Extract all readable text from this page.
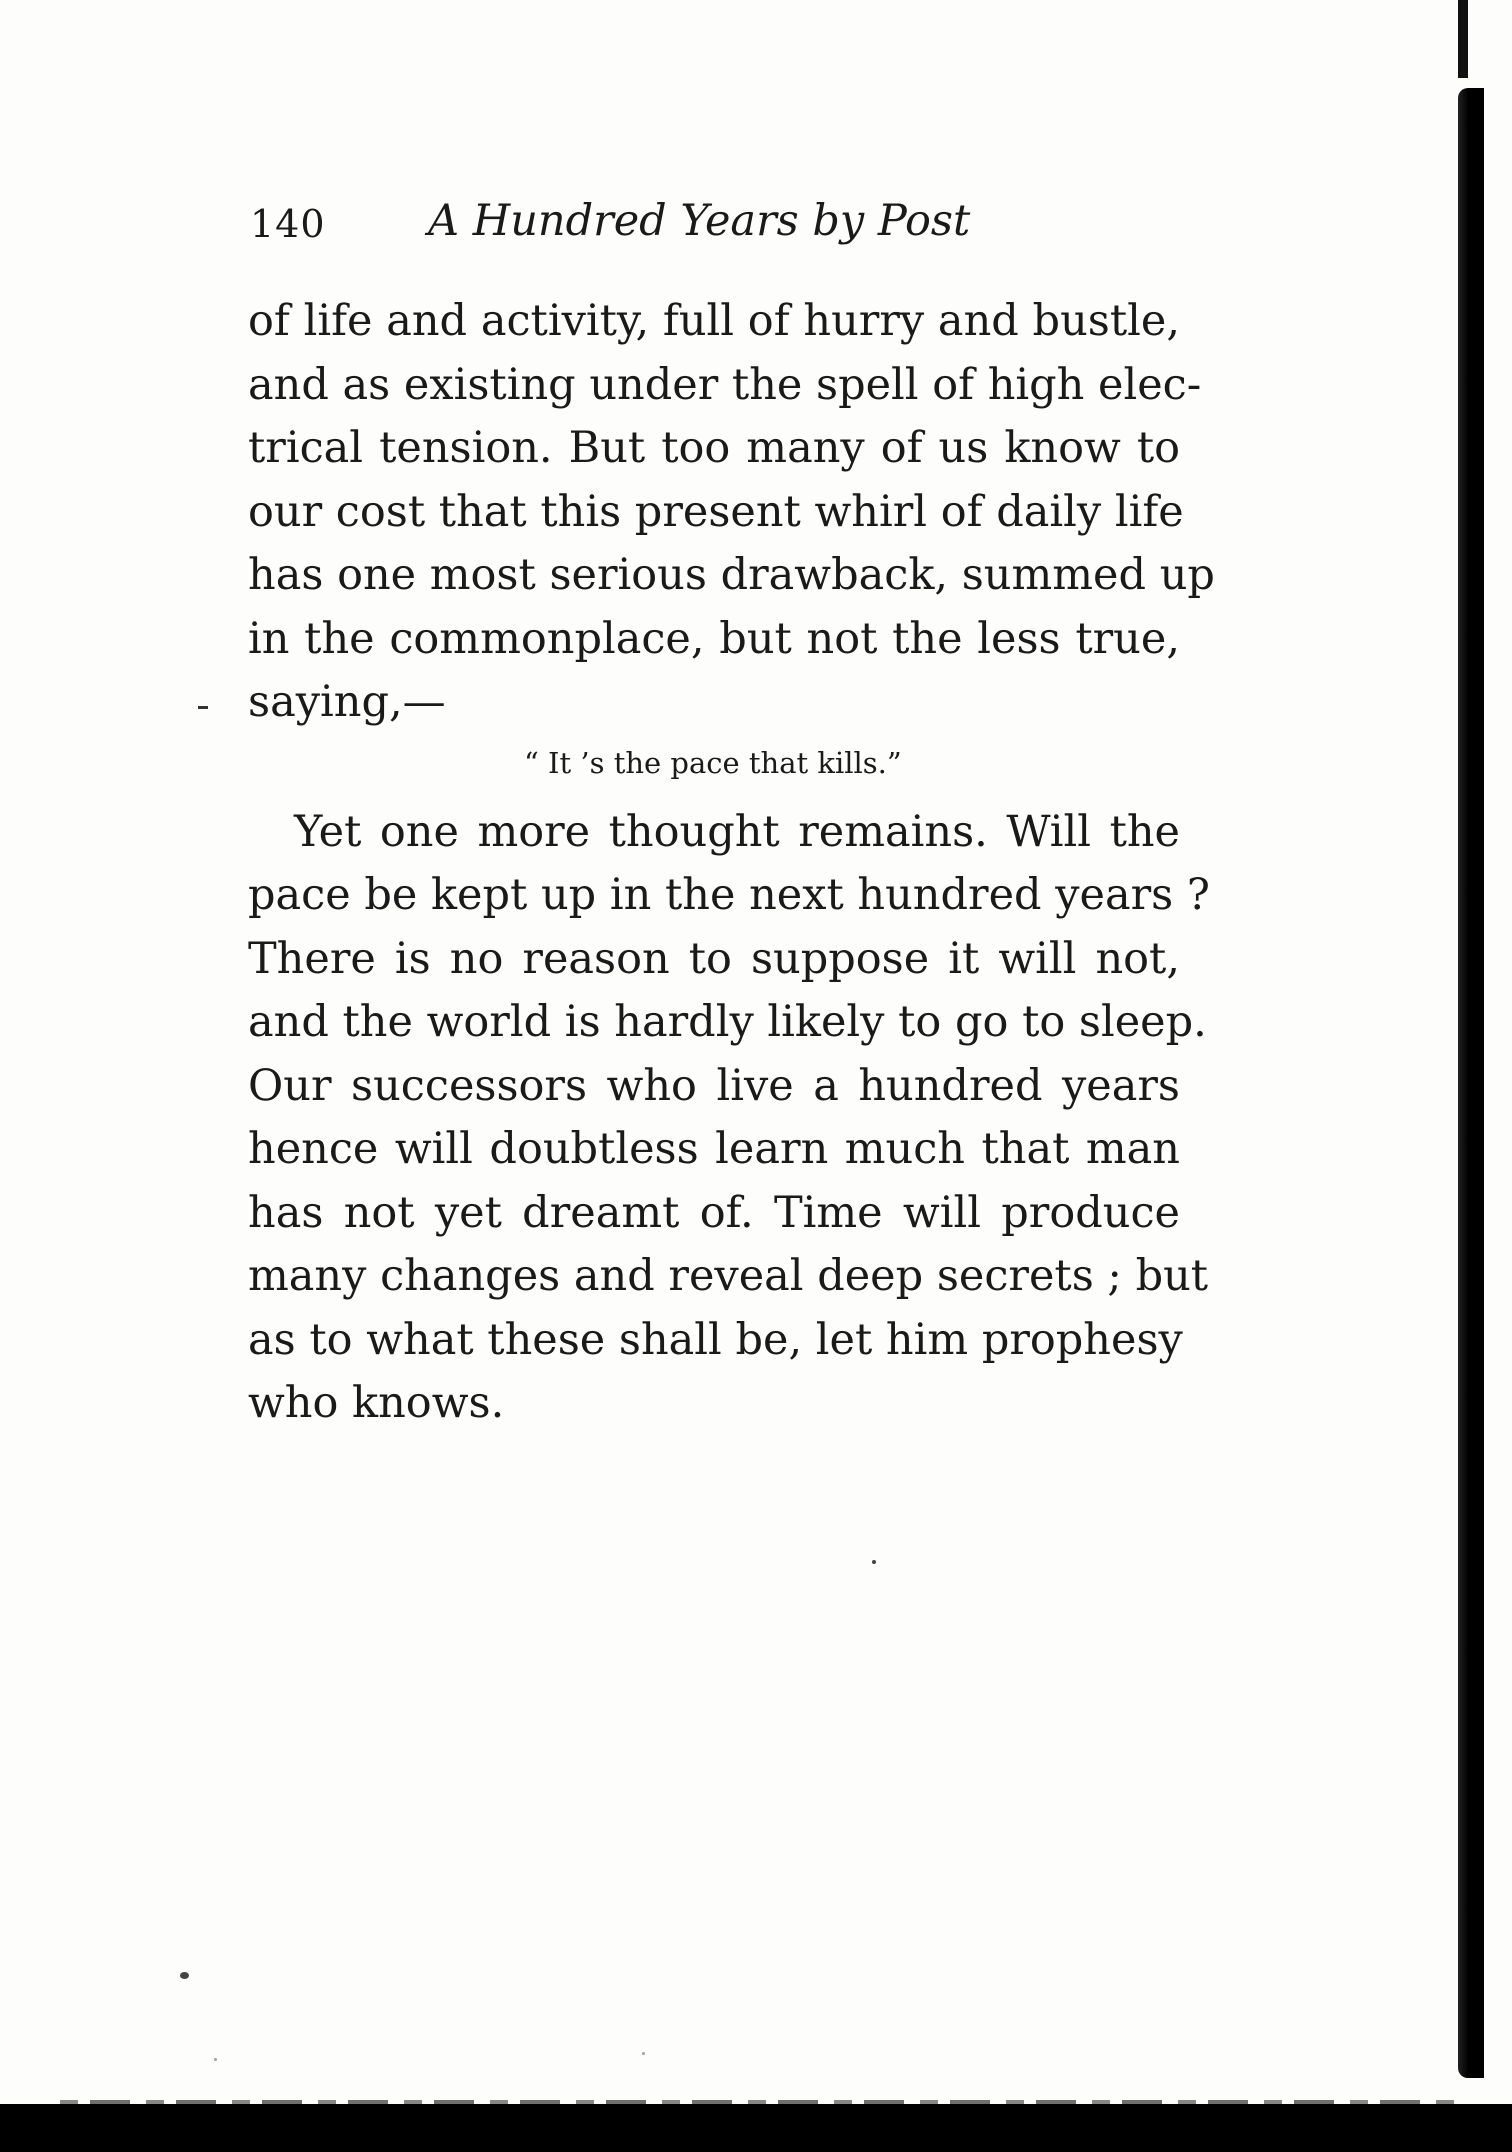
140 A Hundred Years by Post
of life and activity, full of hurry and bustle,
and as existing under the spell of high elec-
trical tension. But too many of us know to
our cost that this present whirl of daily life
has one most serious drawback, summed up
in the commonplace, but not the less true,
saying,—
“ It ’s the pace that kills.”
Yet one more thought remains. Will the
pace be kept up in the next hundred years ?
There is no reason to suppose it will not,
and the world is hardly likely to go to sleep.
Our successors who live a hundred years
hence will doubtless learn much that man
has not yet dreamt of. Time will produce
many changes and reveal deep secrets ; but
as to what these shall be, let him prophesy
who knows.
